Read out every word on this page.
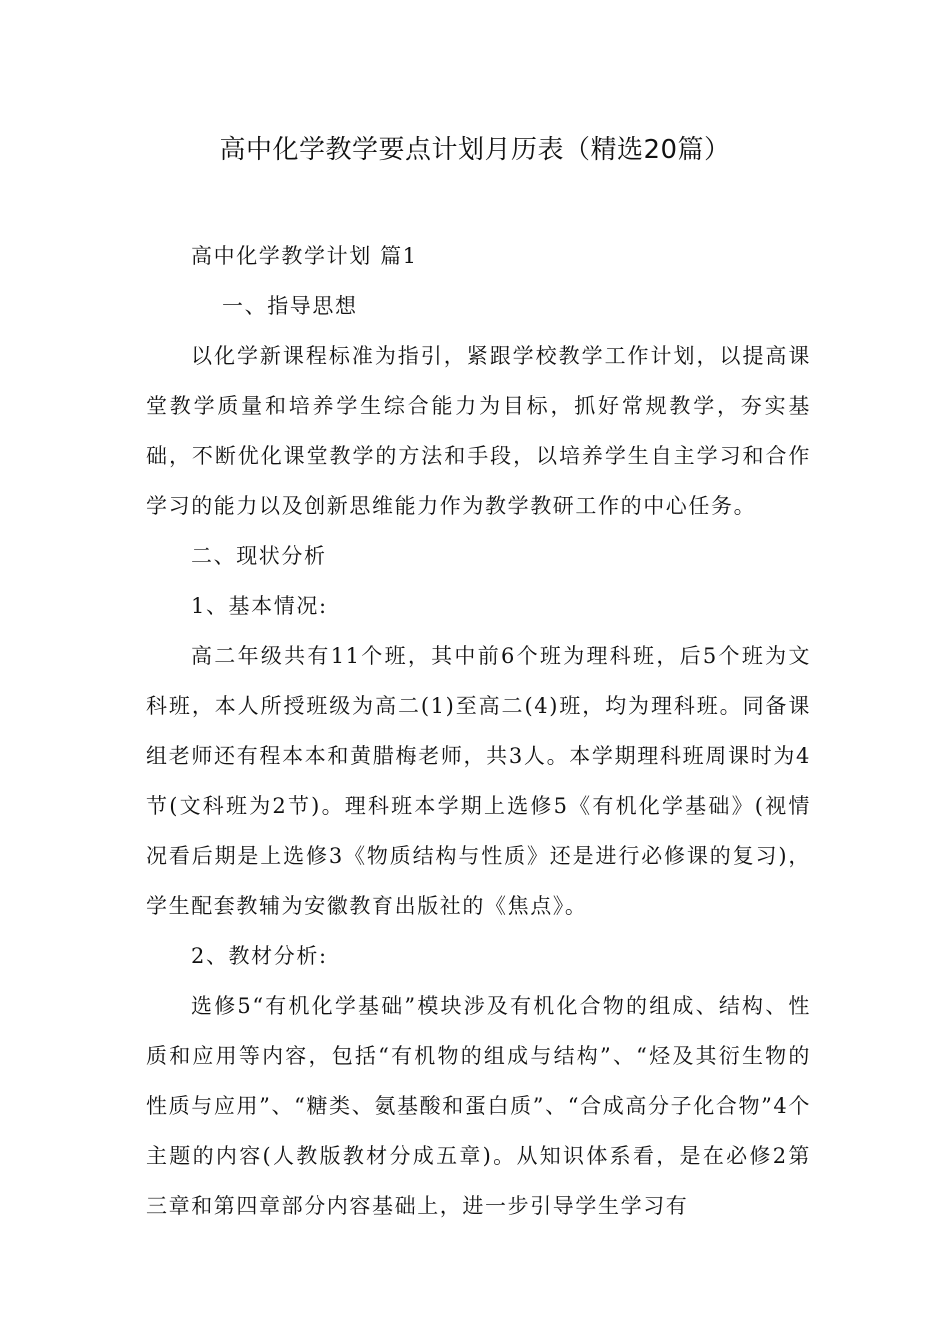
高中化学教学要点计划月历表（精选20篇）

高中化学教学计划 篇1

一、指导思想

以化学新课程标准为指引，紧跟学校教学工作计划，以提高课堂教学质量和培养学生综合能力为目标，抓好常规教学，夯实基础，不断优化课堂教学的方法和手段，以培养学生自主学习和合作学习的能力以及创新思维能力作为教学教研工作的中心任务。

二、现状分析

1、基本情况:

高二年级共有11个班，其中前6个班为理科班，后5个班为文科班，本人所授班级为高二(1)至高二(4)班，均为理科班。同备课组老师还有程本本和黄腊梅老师，共3人。本学期理科班周课时为4节(文科班为2节)。理科班本学期上选修5《有机化学基础》(视情况看后期是上选修3《物质结构与性质》还是进行必修课的复习)，学生配套教辅为安徽教育出版社的《焦点》。

2、教材分析:

选修5“有机化学基础”模块涉及有机化合物的组成、结构、性质和应用等内容，包括“有机物的组成与结构”、“烃及其衍生物的性质与应用”、“糖类、氨基酸和蛋白质”、“合成高分子化合物”4个主题的内容(人教版教材分成五章)。从知识体系看，是在必修2第三章和第四章部分内容基础上，进一步引导学生学习有
